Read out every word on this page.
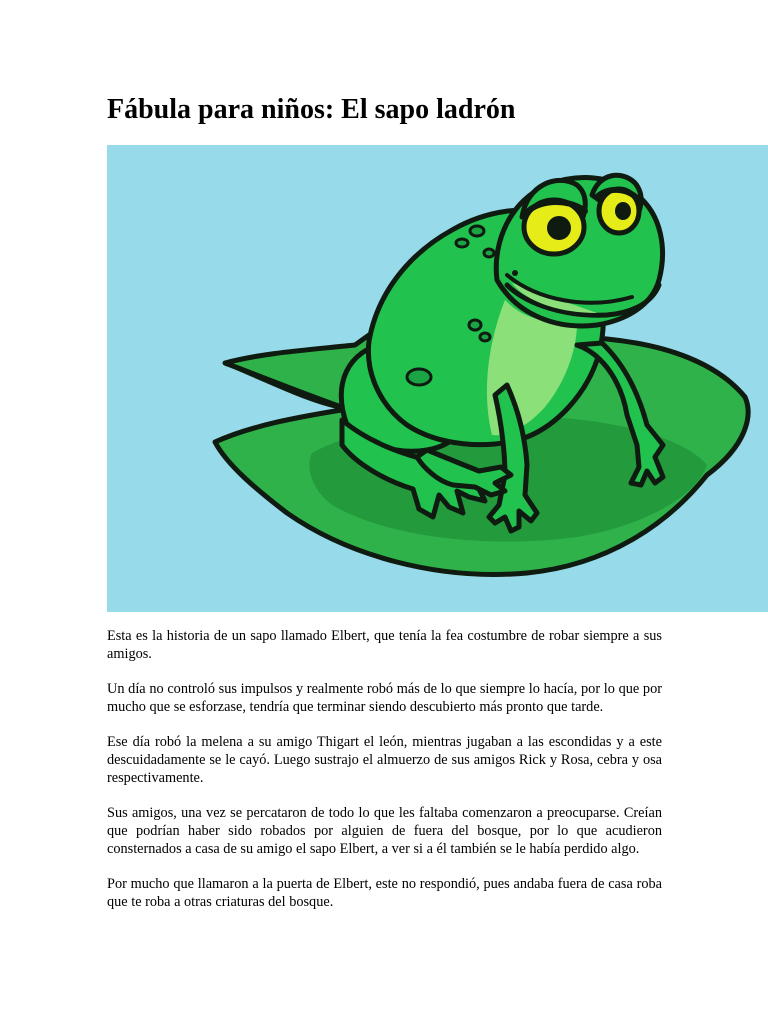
Fábula para niños: El sapo ladrón

Esta es la historia de un sapo llamado Elbert, que tenía la fea costumbre de robar siempre a sus amigos.

Un día no controló sus impulsos y realmente robó más de lo que siempre lo hacía, por lo que por mucho que se esforzase, tendría que terminar siendo descubierto más pronto que tarde.

Ese día robó la melena a su amigo Thigart el león, mientras jugaban a las escondidas y a este descuidadamente se le cayó. Luego sustrajo el almuerzo de sus amigos Rick y Rosa, cebra y osa respectivamente.

Sus amigos, una vez se percataron de todo lo que les faltaba comenzaron a preocuparse. Creían que podrían haber sido robados por alguien de fuera del bosque, por lo que acudieron consternados a casa de su amigo el sapo Elbert, a ver si a él también se le había perdido algo.

Por mucho que llamaron a la puerta de Elbert, este no respondió, pues andaba fuera de casa roba que te roba a otras criaturas del bosque.
